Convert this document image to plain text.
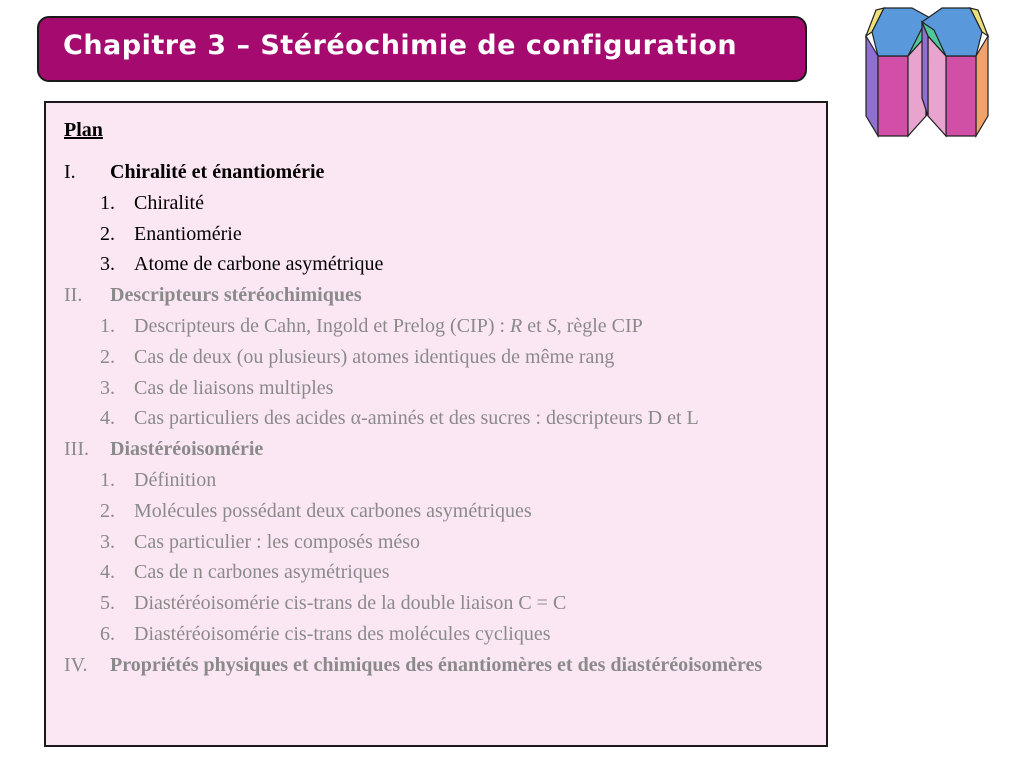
Chapitre 3 – Stéréochimie de configuration
Plan
I.	Chiralité et énantiomérie
1. Chiralité
2. Enantiomérie
3. Atome de carbone asymétrique
II.	Descripteurs stéréochimiques
1. Descripteurs de Cahn, Ingold et Prelog (CIP) : R et S, règle CIP
2. Cas de deux (ou plusieurs) atomes identiques de même rang
3. Cas de liaisons multiples
4. Cas particuliers des acides α-aminés et des sucres : descripteurs D et L
III.	Diastéréoisomérie
1. Définition
2. Molécules possédant deux carbones asymétriques
3. Cas particulier : les composés méso
4. Cas de n carbones asymétriques
5. Diastéréoisomérie cis-trans de la double liaison C = C
6. Diastéréoisomérie cis-trans des molécules cycliques
IV.	Propriétés physiques et chimiques des énantiomères et des diastéréoisomères
